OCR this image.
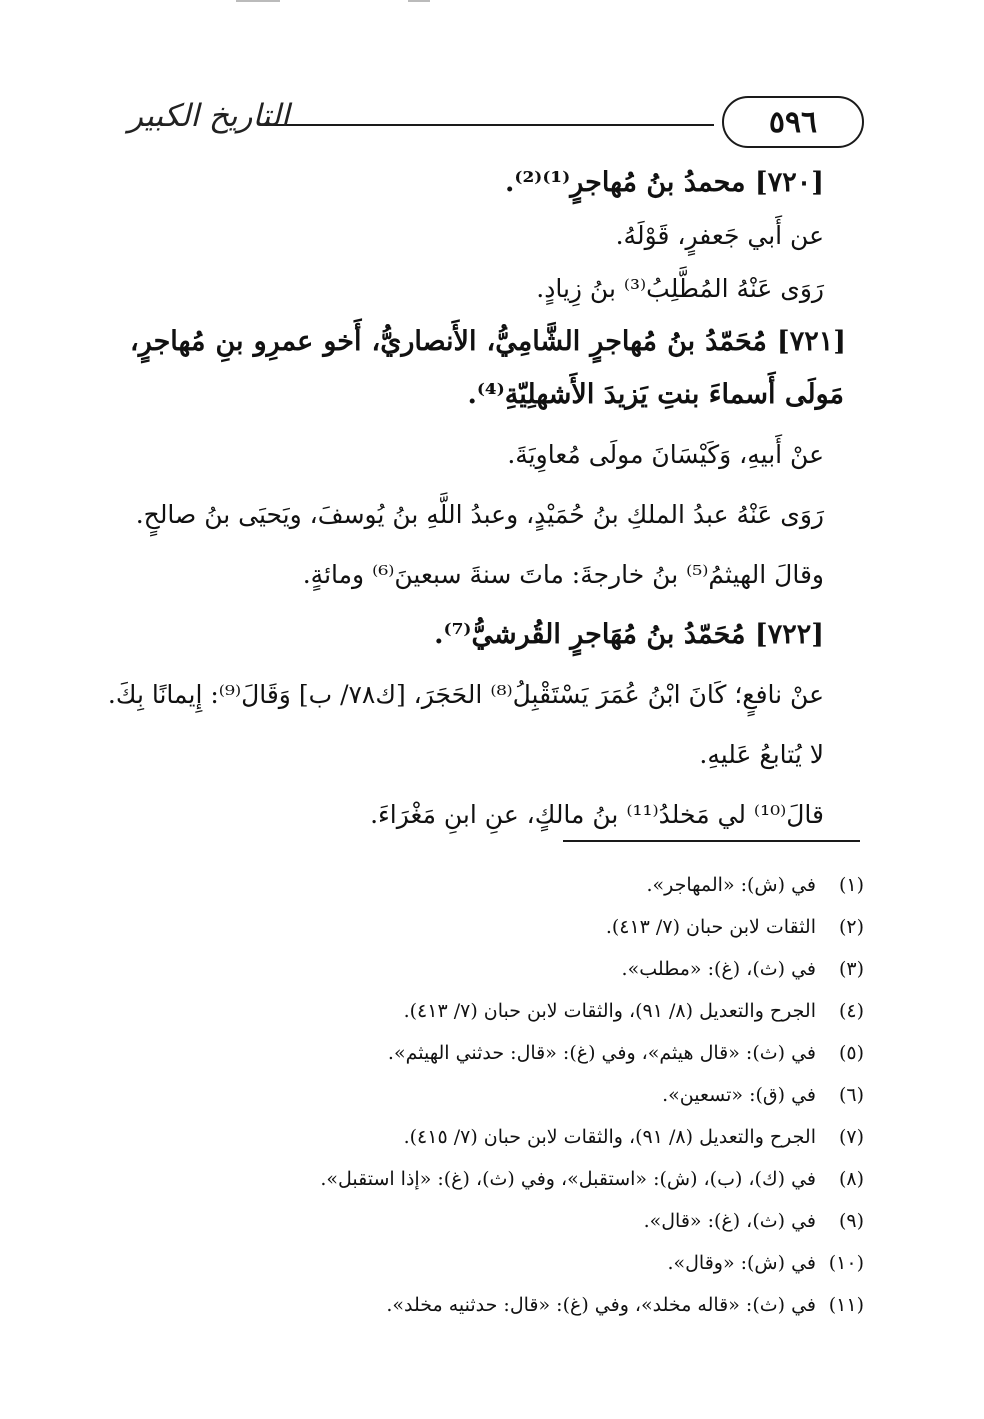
التاريخ الكبير	٥٩٦
[٧٢٠] محمدُ بنُ مُهاجرٍ⁽¹⁾⁽²⁾.
عن أَبي جَعفرٍ، قَوْلَهُ.
رَوَى عَنْهُ المُطَّلِبُ⁽³⁾ بنُ زِيادٍ.
[٧٢١] مُحَمّدُ بنُ مُهاجرٍ الشَّامِيُّ، الأَنصاريُّ، أَخو عمرِو بنِ مُهاجرٍ،
مَولَى أَسماءَ بنتِ يَزيدَ الأَشهلِيّةِ⁽⁴⁾.
عنْ أَبيهِ، وَكَيْسَانَ مولَى مُعاوِيَةَ.
رَوَى عَنْهُ عبدُ الملكِ بنُ حُمَيْدٍ، وعبدُ اللَّهِ بنُ يُوسفَ، ويَحيَى بنُ صالحٍ.
وقالَ الهيثمُ⁽⁵⁾ بنُ خارجةَ: ماتَ سنةَ سبعينَ⁽⁶⁾ ومائةٍ.
[٧٢٢] مُحَمّدُ بنُ مُهَاجرٍ القُرشيُّ⁽⁷⁾.
عنْ نافعٍ؛ كَانَ ابْنُ عُمَرَ يَسْتَقْبِلُ⁽⁸⁾ الحَجَرَ، [ك٧٨/ ب] وَقَالَ⁽⁹⁾: إِيمانًا بِكَ.
لا يُتابعُ عَليهِ.
قالَ⁽¹⁰⁾ لي مَخلدُ⁽¹¹⁾ بنُ مالكٍ، عنِ ابنِ مَغْرَاءَ.
(١)
في (ش): «المهاجر».
(٢)
الثقات لابن حبان (٧/ ٤١٣).
(٣)
في (ث)، (غ): «مطلب».
(٤)
الجرح والتعديل (٨/ ٩١)، والثقات لابن حبان (٧/ ٤١٣).
(٥)
في (ث): «قال هيثم»، وفي (غ): «قال: حدثني الهيثم».
(٦)
في (ق): «تسعين».
(٧)
الجرح والتعديل (٨/ ٩١)، والثقات لابن حبان (٧/ ٤١٥).
(٨)
في (ك)، (ب)، (ش): «استقبل»، وفي (ث)، (غ): «إذا استقبل».
(٩)
في (ث)، (غ): «قال».
(١٠)
في (ش): «وقال».
(١١)
في (ث): «قاله مخلد»، وفي (غ): «قال: حدثنيه مخلد».
